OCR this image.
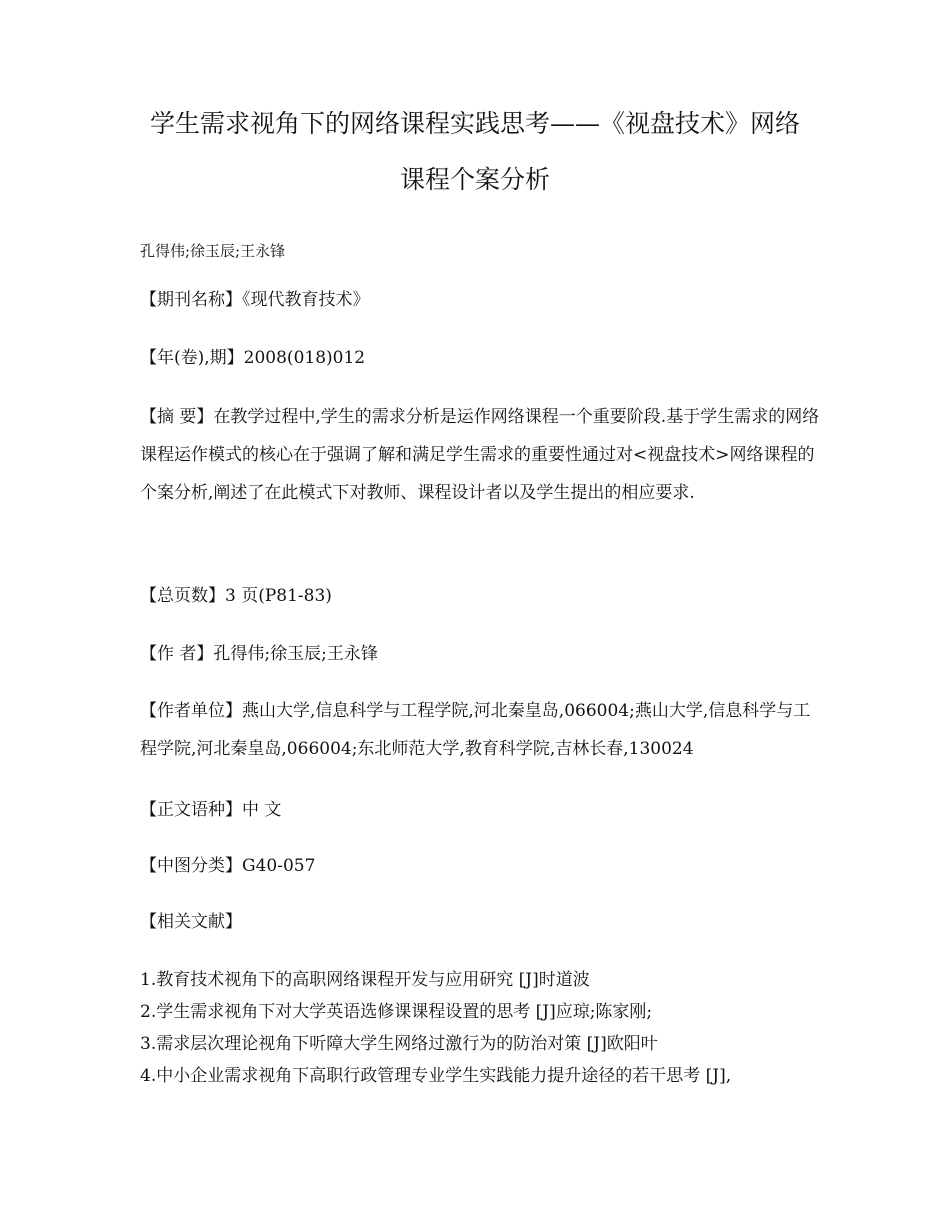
学生需求视角下的网络课程实践思考——《视盘技术》网络
课程个案分析
孔得伟;徐玉辰;王永锋
【期刊名称】《现代教育技术》
【年(卷),期】2008(018)012
【摘 要】在教学过程中,学生的需求分析是运作网络课程一个重要阶段.基于学生需求的网络课程运作模式的核心在于强调了解和满足学生需求的重要性通过对<视盘技术>网络课程的个案分析,阐述了在此模式下对教师、课程设计者以及学生提出的相应要求.
【总页数】3 页(P81-83)
【作 者】孔得伟;徐玉辰;王永锋
【作者单位】燕山大学,信息科学与工程学院,河北秦皇岛,066004;燕山大学,信息科学与工程学院,河北秦皇岛,066004;东北师范大学,教育科学院,吉林长春,130024
【正文语种】中 文
【中图分类】G40-057
【相关文献】
1.教育技术视角下的高职网络课程开发与应用研究 [J]时道波
2.学生需求视角下对大学英语选修课课程设置的思考 [J]应琼;陈家刚;
3.需求层次理论视角下听障大学生网络过激行为的防治对策 [J]欧阳叶
4.中小企业需求视角下高职行政管理专业学生实践能力提升途径的若干思考 [J],
